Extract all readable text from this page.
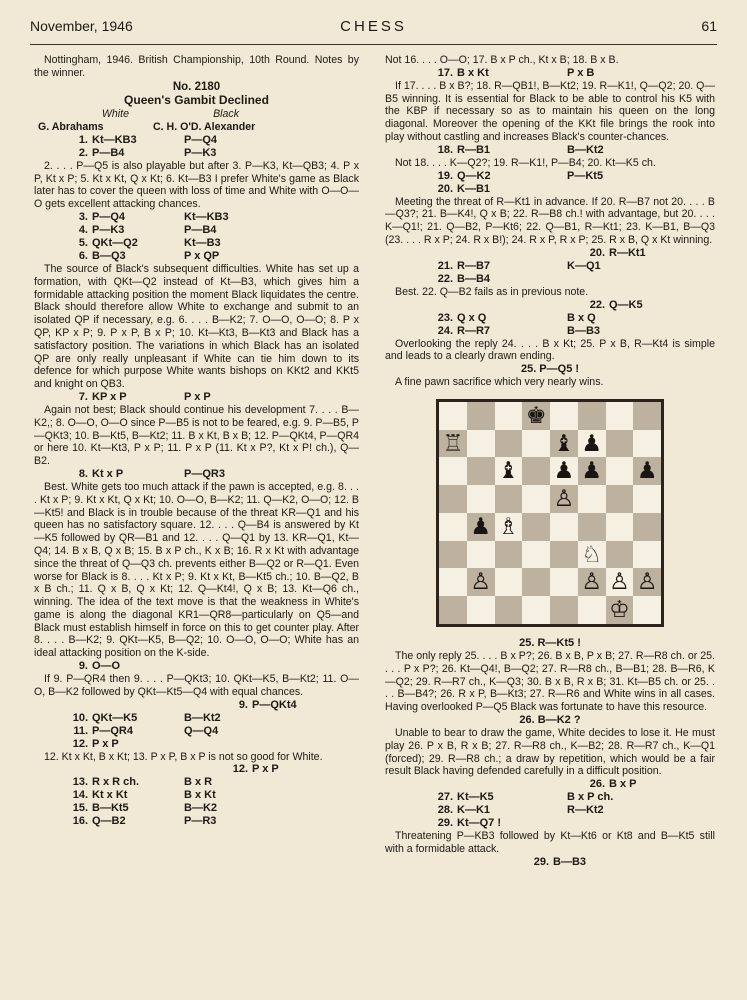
November, 1946	CHESS	61

Nottingham, 1946. British Championship, 10th Round. Notes by the winner.

No. 2180
Queen's Gambit Declined
White	Black
G. Abrahams	C. H. O'D. Alexander
1. Kt—KB3	P—Q4
2. P—B4	P—K3

2. . . . P—Q5 is also playable but after 3. P—K3, Kt—QB3; 4. P x P, Kt x P; 5. Kt x Kt, Q x Kt; 6. Kt—B3 I prefer White's game as Black later has to cover the queen with loss of time and White with O—O—O gets excellent attacking chances.

3. P—Q4	Kt—KB3
4. P—K3	P—B4
5. QKt—Q2	Kt—B3
6. B—Q3	P x QP

The source of Black's subsequent difficulties. White has set up a formation, with QKt—Q2 instead of Kt—B3, which gives him a formidable attacking position the moment Black liquidates the centre. Black should therefore allow White to exchange and submit to an isolated QP if necessary, e.g. 6. . . . B—K2; 7. O—O, O—O; 8. P x QP, KP x P; 9. P x P, B x P; 10. Kt—Kt3, B—Kt3 and Black has a satisfactory position. The variations in which Black has an isolated QP are only really unpleasant if White can tie him down to its defence for which purpose White wants bishops on KKt2 and KKt5 and knight on QB3.

7. KP x P	P x P

Again not best; Black should continue his development 7. . . . B—K2,; 8. O—O, O—O since P—B5 is not to be feared, e.g. 9. P—B5, P—QKt3; 10. B—Kt5, B—Kt2; 11. B x Kt, B x B; 12. P—QKt4, P—QR4 or here 10. Kt—Kt3, P x P; 11. P x P (11. Kt x P?, Kt x P! ch.), Q—B2.

8. Kt x P	P—QR3

Best. White gets too much attack if the pawn is accepted, e.g. 8. . . . Kt x P; 9. Kt x Kt, Q x Kt; 10. O—O, B—K2; 11. Q—K2, O—O; 12. B—Kt5! and Black is in trouble because of the threat KR—Q1 and his queen has no satisfactory square. 12. . . . Q—B4 is answered by Kt—K5 followed by QR—B1 and 12. . . . Q—Q1 by 13. KR—Q1, Kt—Q4; 14. B x B, Q x B; 15. B x P ch., K x B; 16. R x Kt with advantage since the threat of Q—Q3 ch. prevents either B—Q2 or R—Q1. Even worse for Black is 8. . . . Kt x P; 9. Kt x Kt, B—Kt5 ch.; 10. B—Q2, B x B ch.; 11. Q x B, Q x Kt; 12. Q—Kt4!, Q x B; 13. Kt—Q6 ch., winning. The idea of the text move is that the weakness in White's game is along the diagonal KR1—QR8—particularly on Q5—and Black must establish himself in force on this to get counter play. After 8. . . . B—K2; 9. QKt—K5, B—Q2; 10. O—O, O—O; White has an ideal attacking position on the K-side.

9. O—O

If 9. P—QR4 then 9. . . . P—QKt3; 10. QKt—K5, B—Kt2; 11. O—O, B—K2 followed by QKt—Kt5—Q4 with equal chances.

9. P—QKt4
10. QKt—K5	B—Kt2
11. P—QR4	Q—Q4
12. P x P

12. Kt x Kt, B x Kt; 13. P x P, B x P is not so good for White.

12. P x P
13. R x R ch.	B x R
14. Kt x Kt	B x Kt
15. B—Kt5	B—K2
16. Q—B2	P—R3

Not 16. . . . O—O; 17. B x P ch., Kt x B; 18. B x B.

17. B x Kt	P x B

If 17. . . . B x B?; 18. R—QB1!, B—Kt2; 19. R—K1!, Q—Q2; 20. Q—B5 winning. It is essential for Black to be able to control his K5 with the KBP if necessary so as to maintain his queen on the long diagonal. Moreover the opening of the KKt file brings the rook into play without castling and increases Black's counter-chances.

18. R—B1	B—Kt2

Not 18. . . . K—Q2?; 19. R—K1!, P—B4; 20. Kt—K5 ch.

19. Q—K2	P—Kt5
20. K—B1

Meeting the threat of R—Kt1 in advance. If 20. R—B7 not 20. . . . B—Q3?; 21. B—K4!, Q x B; 22. R—B8 ch.! with advantage, but 20. . . . K—Q1!; 21. Q—B2, P—Kt6; 22. Q—B1, R—Kt1; 23. K—B1, B—Q3 (23. . . . R x P; 24. R x B!); 24. R x P, R x P; 25. R x B, Q x Kt winning.

20. R—Kt1
21. R—B7	K—Q1
22. B—B4

Best. 22. Q—B2 fails as in previous note.

22. Q—K5
23. Q x Q	B x Q
24. R—R7	B—B3

Overlooking the reply 24. . . . B x Kt; 25. P x B, R—Kt4 is simple and leads to a clearly drawn ending.

25. P—Q5 !

A fine pawn sacrifice which very nearly wins.

♚
♖	♝ ♟
♝ ♟ ♟ ♟
♙
♟ ♗
♘
♙	♙ ♙ ♙
♔
25. R—Kt5 !

The only reply 25. . . . B x P?; 26. B x B, P x B; 27. R—R8 ch. or 25. . . . P x P?; 26. Kt—Q4!, B—Q2; 27. R—R8 ch., B—B1; 28. B—R6, K—Q2; 29. R—R7 ch., K—Q3; 30. B x B, R x B; 31. Kt—B5 ch. or 25. . . . B—B4?; 26. R x P, B—Kt3; 27. R—R6 and White wins in all cases. Having overlooked P—Q5 Black was fortunate to have this resource.

26. B—K2 ?

Unable to bear to draw the game, White decides to lose it. He must play 26. P x B, R x B; 27. R—R8 ch., K—B2; 28. R—R7 ch., K—Q1 (forced); 29. R—R8 ch.; a draw by repetition, which would be a fair result Black having defended carefully in a difficult position.

26. B x P
27. Kt—K5	B x P ch.
28. K—K1	R—Kt2
29. Kt—Q7 !

Threatening P—KB3 followed by Kt—Kt6 or Kt8 and B—Kt5 still with a formidable attack.

29. B—B3
